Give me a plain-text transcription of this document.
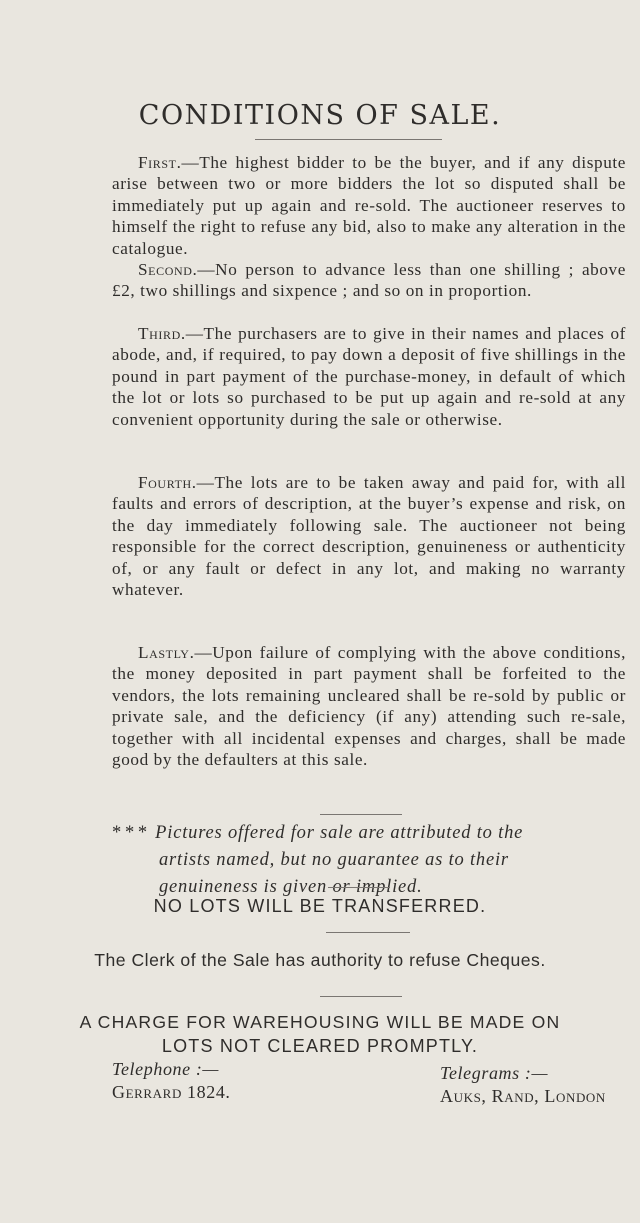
CONDITIONS OF SALE.

First.—The highest bidder to be the buyer, and if any dispute arise between two or more bidders the lot so disputed shall be immediately put up again and re-sold. The auctioneer reserves to himself the right to refuse any bid, also to make any alteration in the catalogue.

Second.—No person to advance less than one shilling ; above £2, two shillings and sixpence ; and so on in proportion.

Third.—The purchasers are to give in their names and places of abode, and, if required, to pay down a deposit of five shillings in the pound in part payment of the purchase-money, in default of which the lot or lots so purchased to be put up again and re-sold at any convenient opportunity during the sale or otherwise.

Fourth.—The lots are to be taken away and paid for, with all faults and errors of description, at the buyer’s expense and risk, on the day immediately following sale. The auctioneer not being responsible for the correct description, genuineness or authenticity of, or any fault or defect in any lot, and making no warranty whatever.

Lastly.—Upon failure of complying with the above conditions, the money deposited in part payment shall be forfeited to the vendors, the lots remaining uncleared shall be re-sold by public or private sale, and the deficiency (if any) attending such re-sale, together with all incidental expenses and charges, shall be made good by the defaulters at this sale.

* * * Pictures offered for sale are attributed to the
artists named, but no guarantee as to their
genuineness is given or implied.

NO LOTS WILL BE TRANSFERRED.
The Clerk of the Sale has authority to refuse Cheques.
A CHARGE FOR WAREHOUSING WILL BE MADE ON
LOTS NOT CLEARED PROMPTLY.
Telephone :—
Gerrard 1824.
Telegrams :—
Auks, Rand, London
